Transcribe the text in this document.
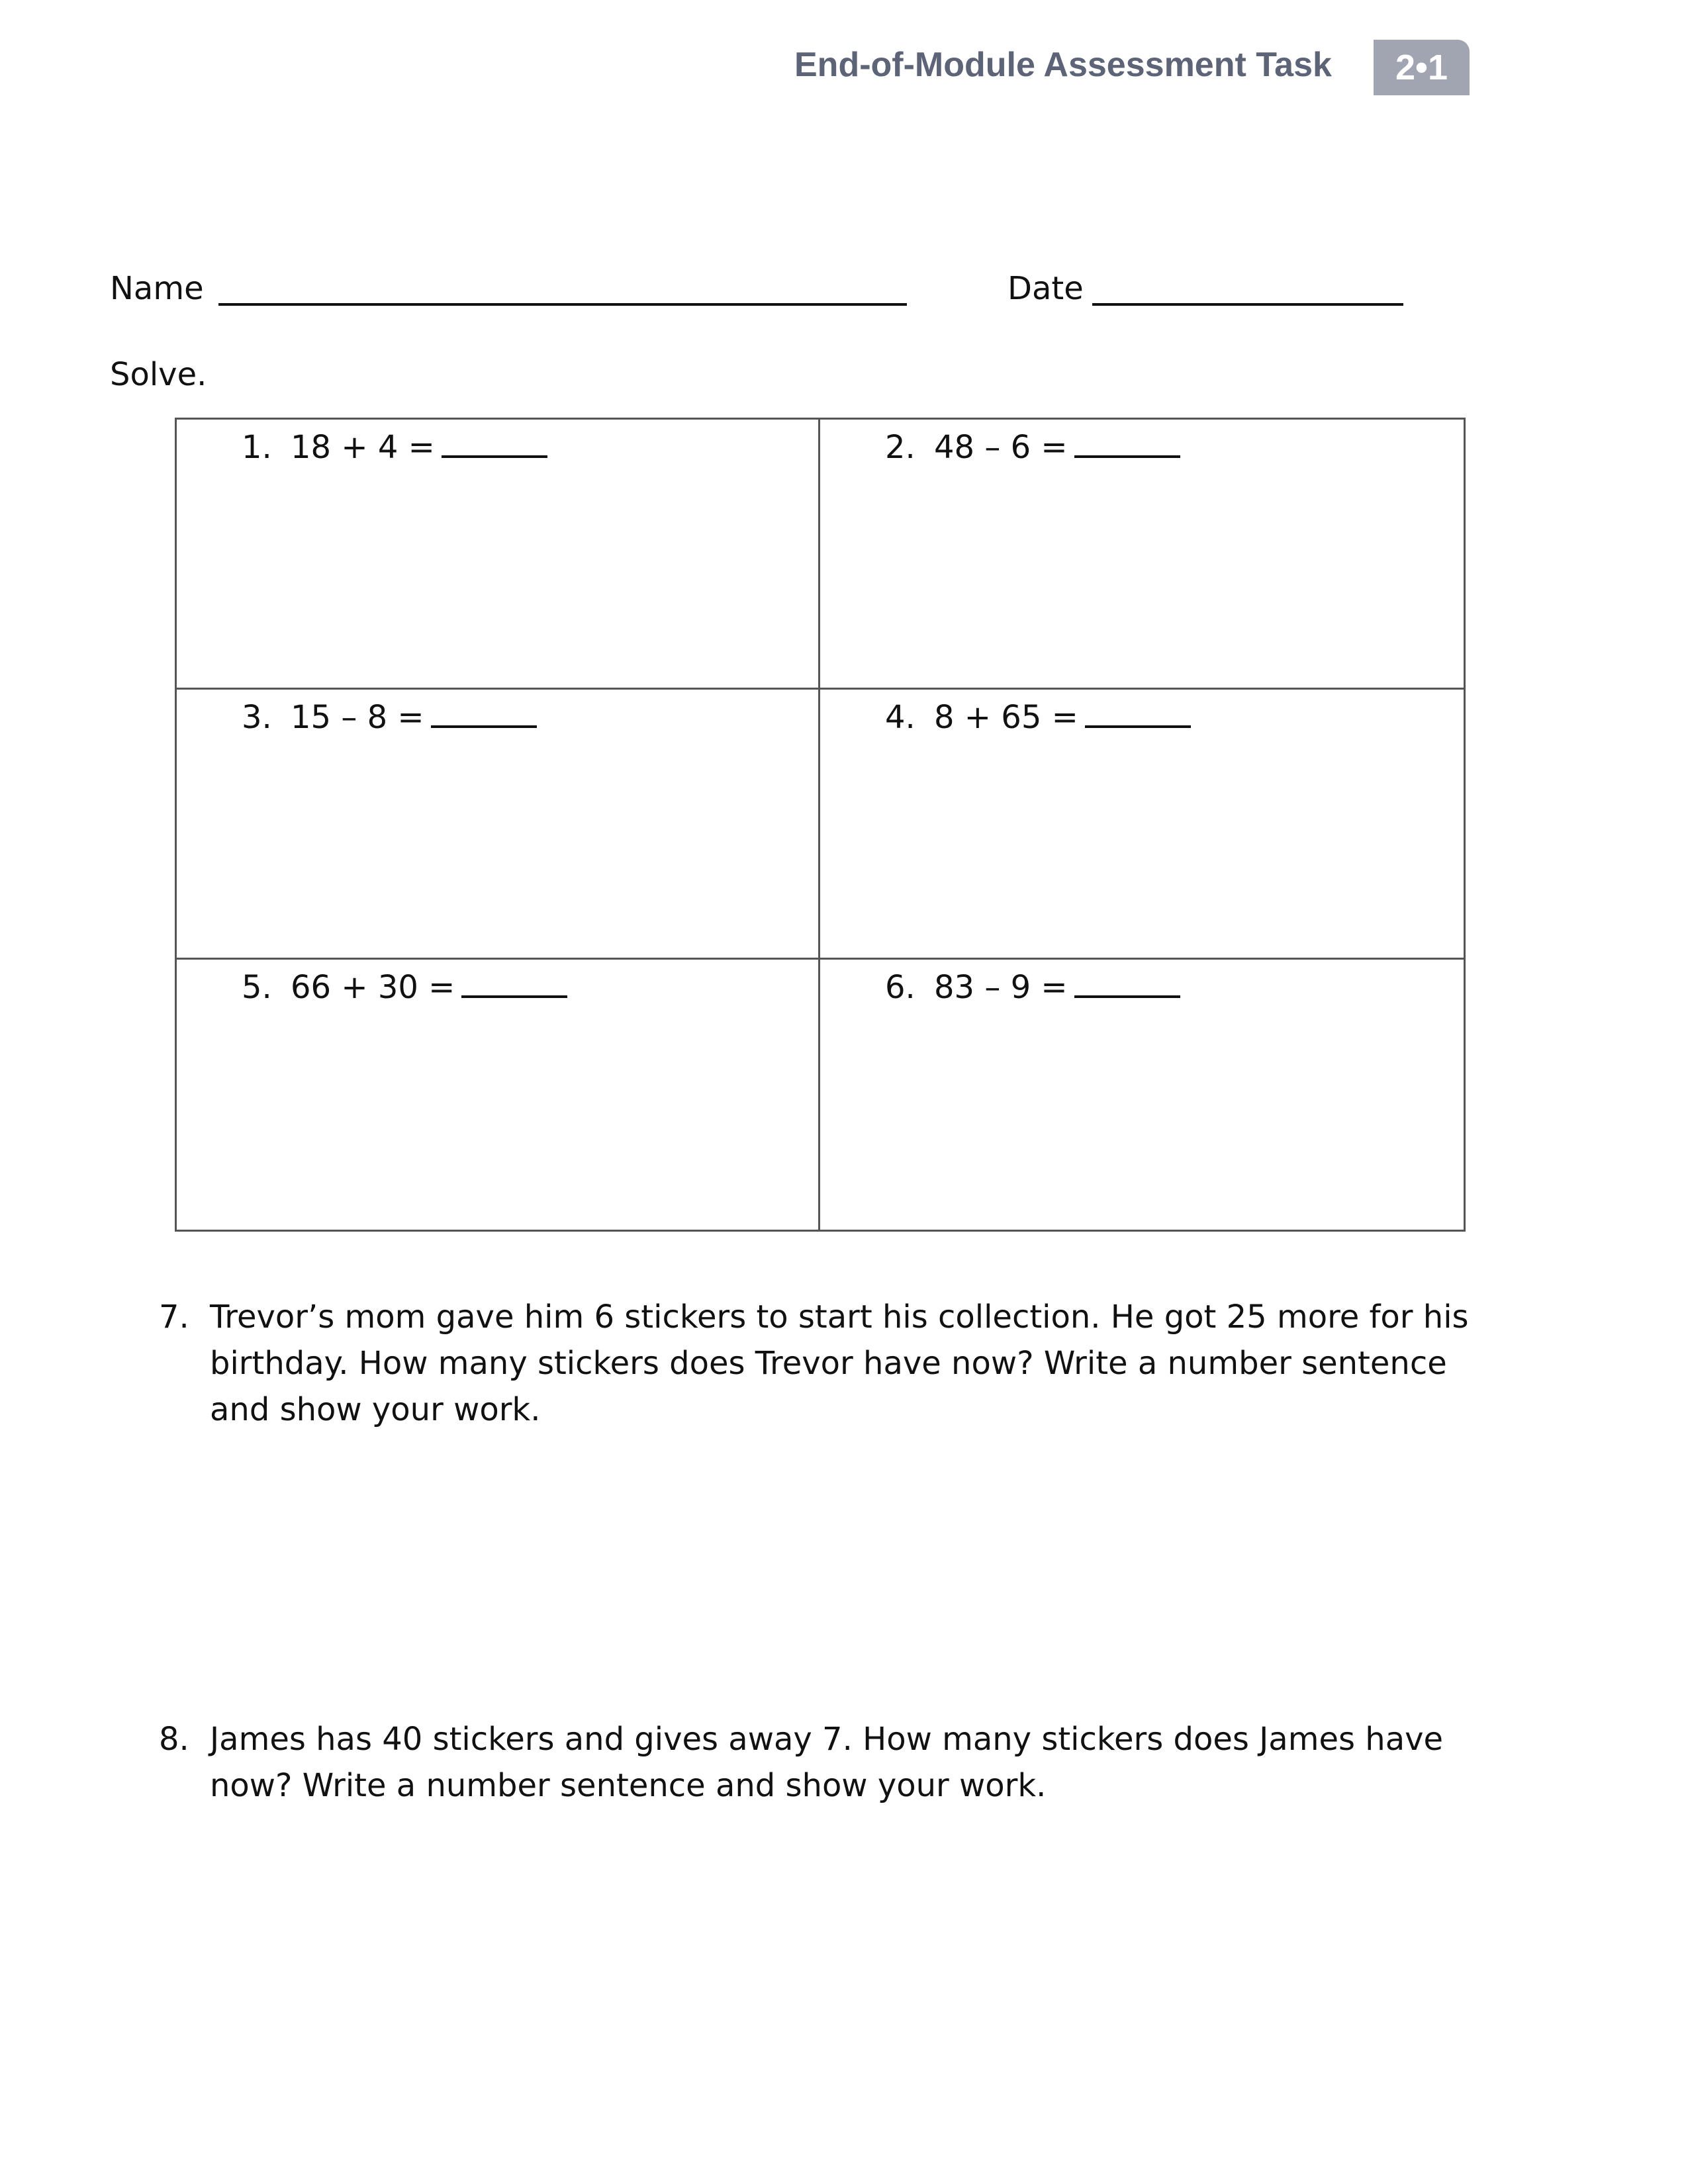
End-of-Module Assessment Task	2•1
Name	Date
Solve.
1. 18 + 4 =	2. 48 – 6 =
3. 15 – 8 =	4. 8 + 65 =
5. 66 + 30 =	6. 83 – 9 =
7. Trevor’s mom gave him 6 stickers to start his collection. He got 25 more for his birthday. How many stickers does Trevor have now? Write a number sentence and show your work.
8. James has 40 stickers and gives away 7. How many stickers does James have now? Write a number sentence and show your work.
